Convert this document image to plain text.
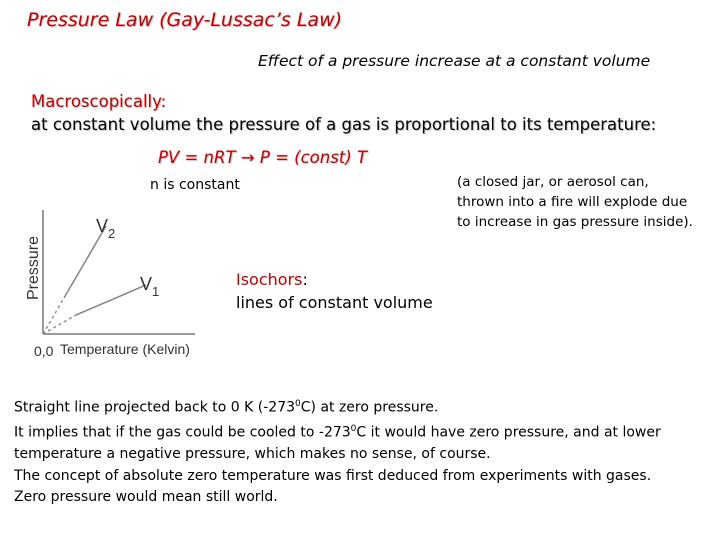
Pressure Law (Gay-Lussac’s Law)
Effect of a pressure increase at a constant volume
Macroscopically:
at constant volume the pressure of a gas is proportional to its temperature:
PV = nRT → P = (const) T
n is constant	(a closed jar, or aerosol can,
thrown into a fire will explode due
to increase in gas pressure inside).
Pressure
0,0 Temperature (Kelvin)
$V_2$
$V_1$
Isochors:
lines of constant volume
Straight line projected back to 0 K $(-273^0C)$ at zero pressure.
It implies that if the gas could be cooled to $-273^0C$ it would have zero pressure, and at lower
temperature a negative pressure, which makes no sense, of course.
The concept of absolute zero temperature was first deduced from experiments with gases.
Zero pressure would mean still world.
